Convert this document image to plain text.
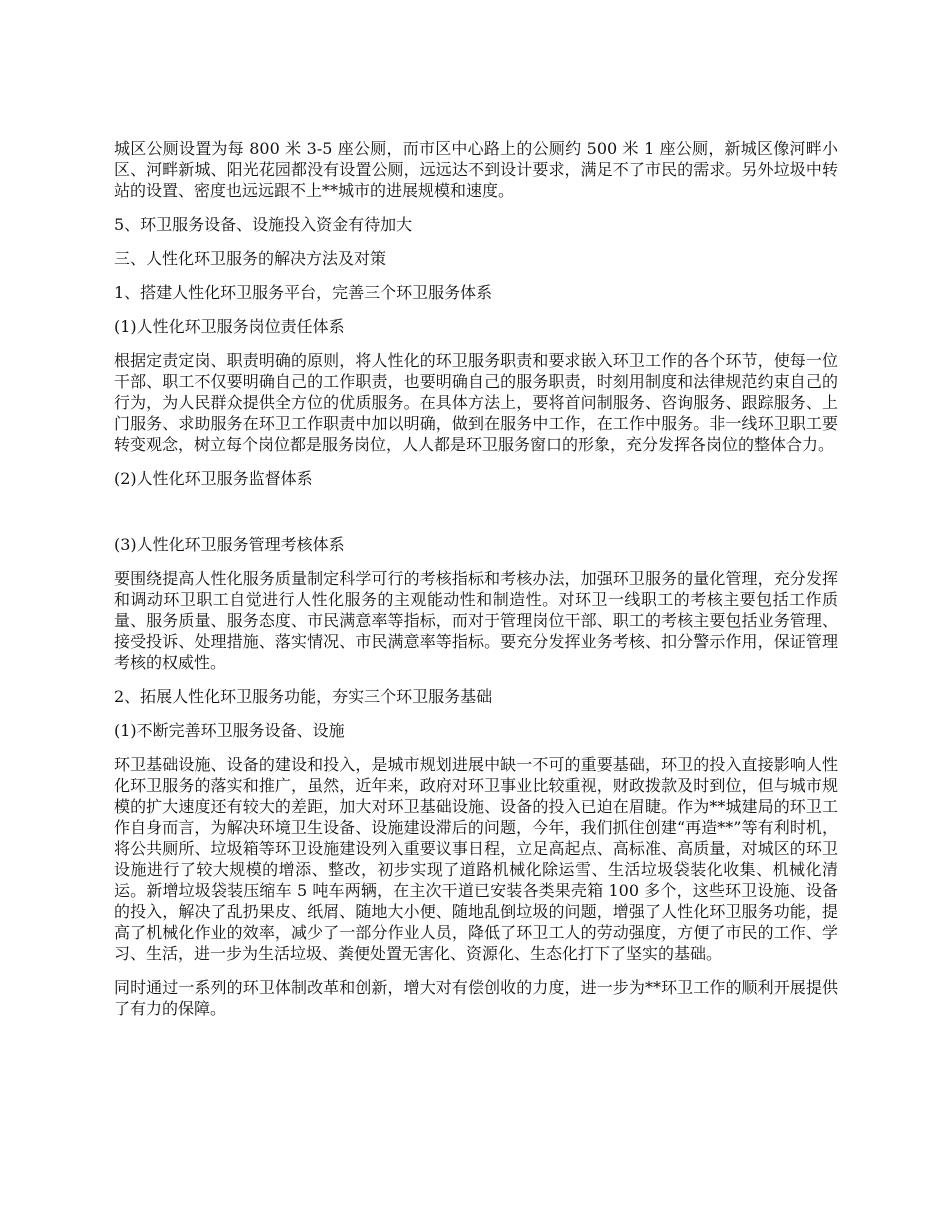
城区公厕设置为每 800 米 3-5 座公厕，而市区中心路上的公厕约 500 米 1 座公厕，新城区像河畔小区、河畔新城、阳光花园都没有设置公厕，远远达不到设计要求，满足不了市民的需求。另外垃圾中转站的设置、密度也远远跟不上**城市的进展规模和速度。

5、环卫服务设备、设施投入资金有待加大

三、人性化环卫服务的解决方法及对策

1、搭建人性化环卫服务平台，完善三个环卫服务体系

(1)人性化环卫服务岗位责任体系

根据定责定岗、职责明确的原则，将人性化的环卫服务职责和要求嵌入环卫工作的各个环节，使每一位干部、职工不仅要明确自己的工作职责，也要明确自己的服务职责，时刻用制度和法律规范约束自己的行为，为人民群众提供全方位的优质服务。在具体方法上，要将首问制服务、咨询服务、跟踪服务、上门服务、求助服务在环卫工作职责中加以明确，做到在服务中工作，在工作中服务。非一线环卫职工要转变观念，树立每个岗位都是服务岗位，人人都是环卫服务窗口的形象，充分发挥各岗位的整体合力。

(2)人性化环卫服务监督体系

(3)人性化环卫服务管理考核体系

要围绕提高人性化服务质量制定科学可行的考核指标和考核办法，加强环卫服务的量化管理，充分发挥和调动环卫职工自觉进行人性化服务的主观能动性和制造性。对环卫一线职工的考核主要包括工作质量、服务质量、服务态度、市民满意率等指标，而对于管理岗位干部、职工的考核主要包括业务管理、接受投诉、处理措施、落实情况、市民满意率等指标。要充分发挥业务考核、扣分警示作用，保证管理考核的权威性。

2、拓展人性化环卫服务功能，夯实三个环卫服务基础

(1)不断完善环卫服务设备、设施

环卫基础设施、设备的建设和投入，是城市规划进展中缺一不可的重要基础，环卫的投入直接影响人性化环卫服务的落实和推广，虽然，近年来，政府对环卫事业比较重视，财政拨款及时到位，但与城市规模的扩大速度还有较大的差距，加大对环卫基础设施、设备的投入已迫在眉睫。作为**城建局的环卫工作自身而言，为解决环境卫生设备、设施建设滞后的问题，今年，我们抓住创建“再造**”等有利时机，将公共厕所、垃圾箱等环卫设施建设列入重要议事日程，立足高起点、高标准、高质量，对城区的环卫设施进行了较大规模的增添、整改，初步实现了道路机械化除运雪、生活垃圾袋装化收集、机械化清运。新增垃圾袋装压缩车 5 吨车两辆，在主次干道已安装各类果壳箱 100 多个，这些环卫设施、设备的投入，解决了乱扔果皮、纸屑、随地大小便、随地乱倒垃圾的问题，增强了人性化环卫服务功能，提高了机械化作业的效率，减少了一部分作业人员，降低了环卫工人的劳动强度，方便了市民的工作、学习、生活，进一步为生活垃圾、粪便处置无害化、资源化、生态化打下了坚实的基础。

同时通过一系列的环卫体制改革和创新，增大对有偿创收的力度，进一步为**环卫工作的顺利开展提供了有力的保障。
